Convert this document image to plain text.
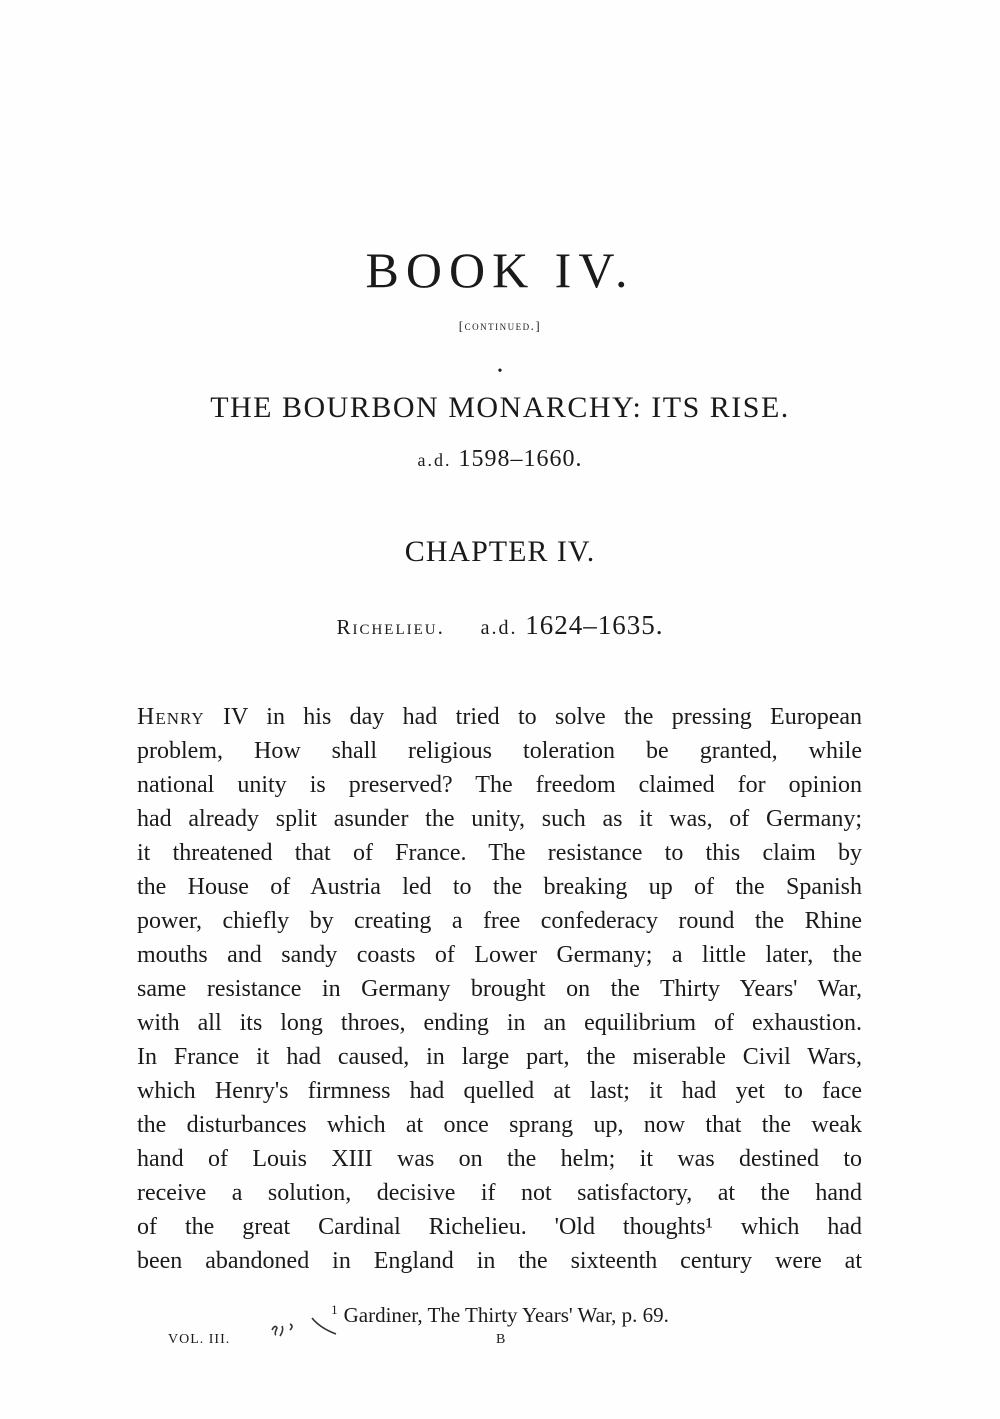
BOOK IV.
[continued.]
•
THE BOURBON MONARCHY: ITS RISE.
a.d. 1598–1660.
CHAPTER IV.
Richelieu. a.d. 1624–1635.
Henry IV in his day had tried to solve the pressing European
problem, How shall religious toleration be granted, while
national unity is preserved? The freedom claimed for opinion
had already split asunder the unity, such as it was, of Germany;
it threatened that of France. The resistance to this claim by
the House of Austria led to the breaking up of the Spanish
power, chiefly by creating a free confederacy round the Rhine
mouths and sandy coasts of Lower Germany; a little later, the
same resistance in Germany brought on the Thirty Years' War,
with all its long throes, ending in an equilibrium of exhaustion.
In France it had caused, in large part, the miserable Civil Wars,
which Henry's firmness had quelled at last; it had yet to face
the disturbances which at once sprang up, now that the weak
hand of Louis XIII was on the helm; it was destined to
receive a solution, decisive if not satisfactory, at the hand
of the great Cardinal Richelieu. 'Old thoughts¹ which had
been abandoned in England in the sixteenth century were at
$^1$ Gardiner, The Thirty Years' War, p. 69.
VOL. III.	B
